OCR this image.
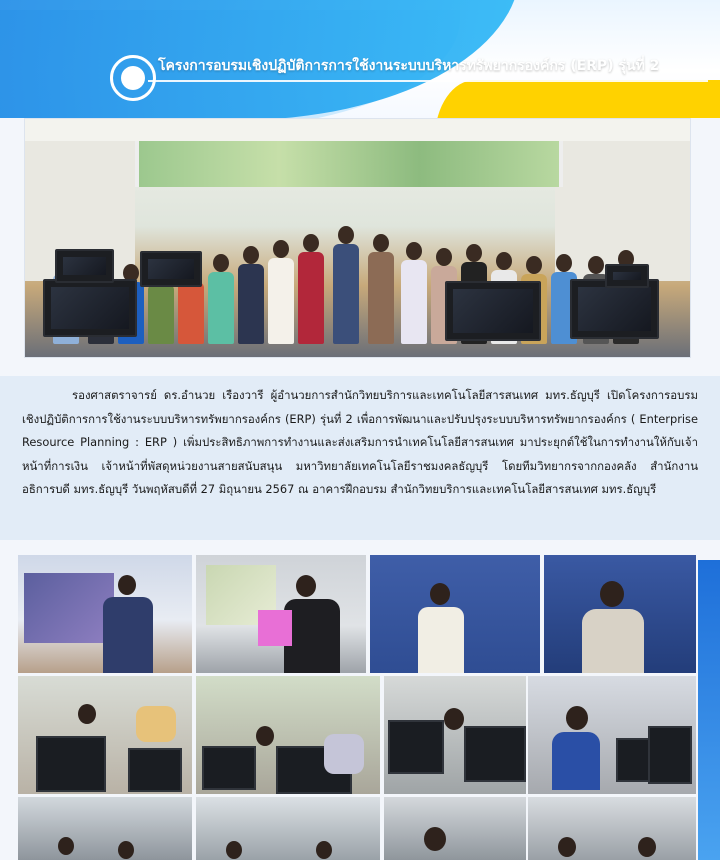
โครงการอบรมเชิงปฏิบัติการการใช้งานระบบบริหารทรัพยากรองค์กร (ERP) รุ่นที่ 2
รองศาสตราจารย์ ดร.อำนวย เรืองวารี ผู้อำนวยการสำนักวิทยบริการและเทคโนโลยีสารสนเทศ มทร.ธัญบุรี เปิดโครงการอบรมเชิงปฏิบัติการการใช้งานระบบบริหารทรัพยากรองค์กร (ERP) รุ่นที่ 2 เพื่อการพัฒนาและปรับปรุงระบบบริหารทรัพยากรองค์กร ( Enterprise Resource Planning : ERP ) เพิ่มประสิทธิภาพการทำงานและส่งเสริมการนำเทคโนโลยีสารสนเทศ มาประยุกต์ใช้ในการทำงานให้กับเจ้าหน้าที่การเงิน เจ้าหน้าที่พัสดุหน่วยงานสายสนับสนุน มหาวิทยาลัยเทคโนโลยีราชมงคลธัญบุรี โดยทีมวิทยากรจากกองคลัง สำนักงานอธิการบดี มทร.ธัญบุรี วันพฤหัสบดีที่ 27 มิถุนายน 2567 ณ อาคารฝึกอบรม สำนักวิทยบริการและเทคโนโลยีสารสนเทศ มทร.ธัญบุรี
